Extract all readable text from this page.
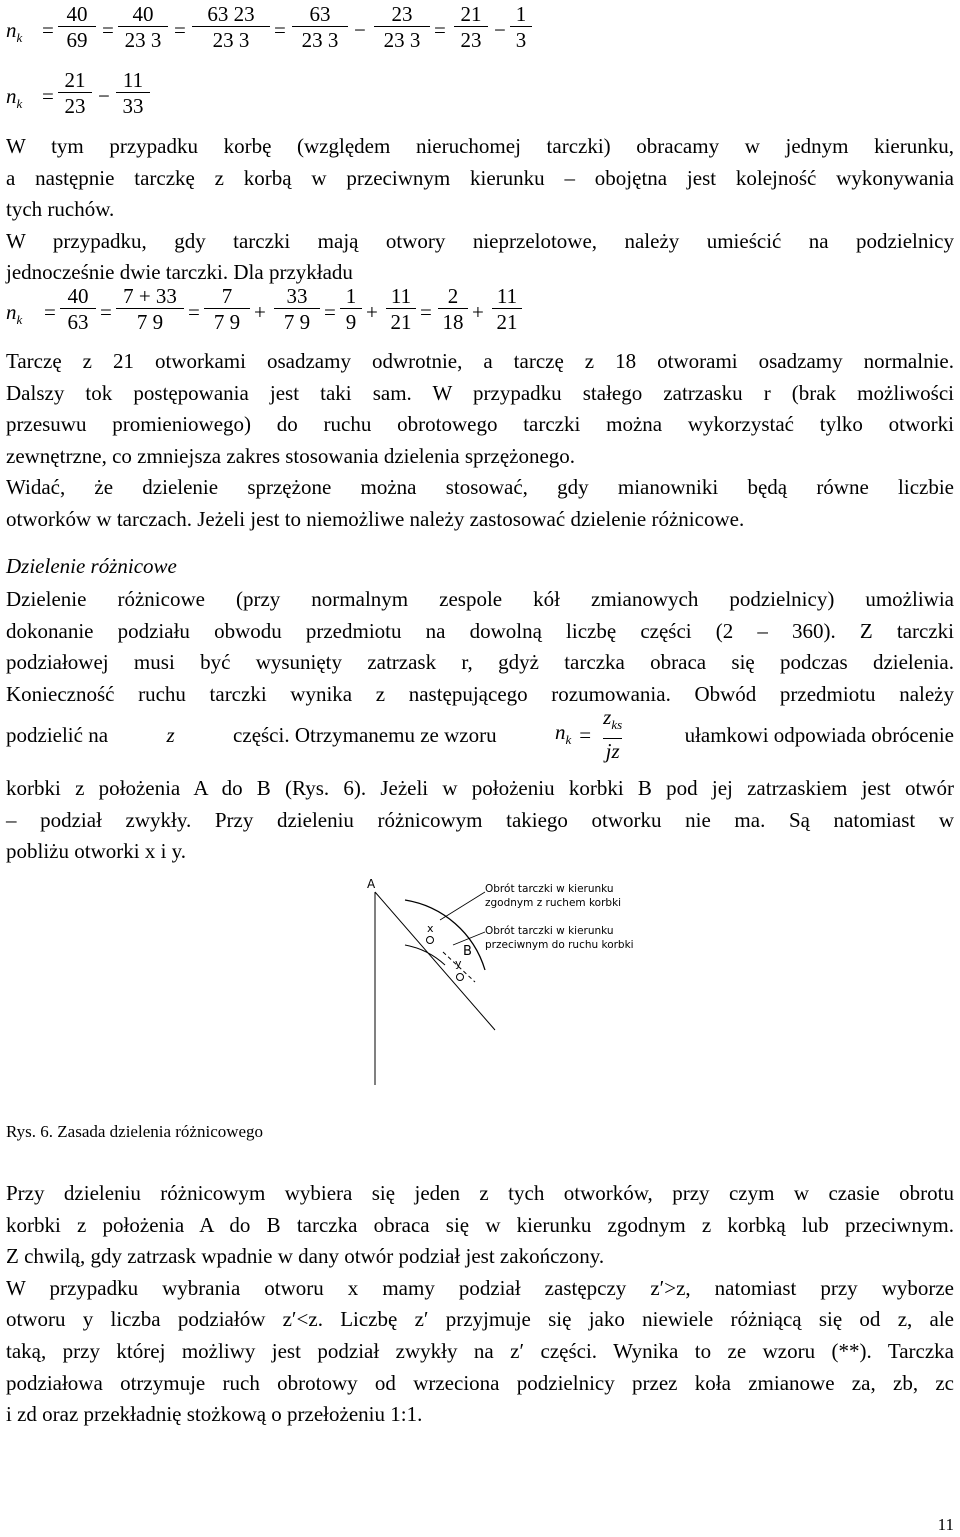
$n_k$ =
40
69 =
40
23 3 =
63 23
23 3	=
63
23 3 −
23
23 3 =
21
23 −
1
3
$n_k$ =
21
23 −
11
33
W tym przypadku korbę (względem nieruchomej tarczki) obracamy w jednym kierunku,
a następnie tarczkę z korbą w przeciwnym kierunku – obojętna jest kolejność wykonywania
tych ruchów.
W przypadku, gdy tarczki mają otwory nieprzelotowe, należy umieścić na podzielnicy
jednocześnie dwie tarczki. Dla przykładu
$n_k$ =
40
63 =
7 + 33
7 9	=
7
7 9 +
33
7 9 =
1
9 +
11
21 =
2
18 +
11
21
Tarczę z 21 otworkami osadzamy odwrotnie, a tarczę z 18 otworami osadzamy normalnie.
Dalszy tok postępowania jest taki sam. W przypadku stałego zatrzasku r (brak możliwości
przesuwu promieniowego) do ruchu obrotowego tarczki można wykorzystać tylko otworki
zewnętrzne, co zmniejsza zakres stosowania dzielenia sprzężonego.
Widać, że dzielenie sprzężone można stosować, gdy mianowniki będą równe liczbie
otworków w tarczach. Jeżeli jest to niemożliwe należy zastosować dzielenie różnicowe.
Dzielenie różnicowe
Dzielenie różnicowe (przy normalnym zespole kół zmianowych podzielnicy) umożliwia
dokonanie podziału obwodu przedmiotu na dowolną liczbę części (2 – 360). Z tarczki
podziałowej musi być wysunięty zatrzask r, gdyż tarczka obraca się podczas dzielenia.
Konieczność ruchu tarczki wynika z następującego rozumowania. Obwód przedmiotu należy
podzielić na	z	części. Otrzymanemu ze wzoru	$n_k = \frac{z_{ks}}{jz}$	ułamkowi odpowiada obrócenie
korbki z położenia A do B (Rys. 6). Jeżeli w położeniu korbki B pod jej zatrzaskiem jest otwór
– podział zwykły. Przy dzieleniu różnicowym takiego otworku nie ma. Są natomiast w
pobliżu otworki x i y.
A
x
y
B
Obrót tarczki w kierunku
zgodnym z ruchem korbki
Obrót tarczki w kierunku
przeciwnym do ruchu korbki
Rys. 6. Zasada dzielenia różnicowego
Przy dzieleniu różnicowym wybiera się jeden z tych otworków, przy czym w czasie obrotu
korbki z położenia A do B tarczka obraca się w kierunku zgodnym z korbką lub przeciwnym.
Z chwilą, gdy zatrzask wpadnie w dany otwór podział jest zakończony.
W przypadku wybrania otworu x mamy podział zastępczy z′>z, natomiast przy wyborze
otworu y liczba podziałów z′<z. Liczbę z′ przyjmuje się jako niewiele różniącą się od z, ale
taką, przy której możliwy jest podział zwykły na z′ części. Wynika to ze wzoru (**). Tarczka
podziałowa otrzymuje ruch obrotowy od wrzeciona podzielnicy przez koła zmianowe za, zb, zc
i zd oraz przekładnię stożkową o przełożeniu 1:1.
11
